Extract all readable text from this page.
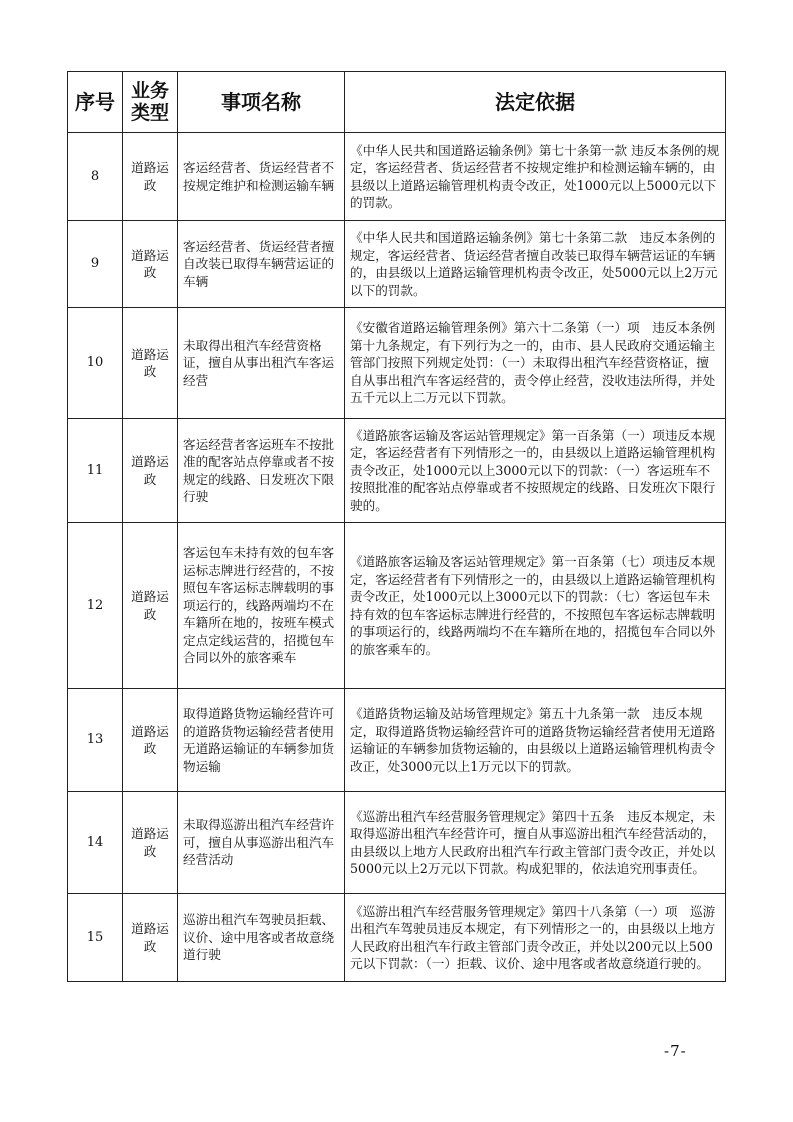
序号	业务类型	事项名称	法定依据
8	道路运政	客运经营者、货运经营者不按规定维护和检测运输车辆	《中华人民共和国道路运输条例》第七十条第一款 违反本条例的规定，客运经营者、货运经营者不按规定维护和检测运输车辆的，由县级以上道路运输管理机构责令改正，处1000元以上5000元以下的罚款。
9	道路运政	客运经营者、货运经营者擅自改装已取得车辆营运证的车辆	《中华人民共和国道路运输条例》第七十条第二款　违反本条例的规定，客运经营者、货运经营者擅自改装已取得车辆营运证的车辆的，由县级以上道路运输管理机构责令改正，处5000元以上2万元以下的罚款。
10	道路运政	未取得出租汽车经营资格证，擅自从事出租汽车客运经营	《安徽省道路运输管理条例》第六十二条第（一）项　违反本条例第十九条规定，有下列行为之一的，由市、县人民政府交通运输主管部门按照下列规定处罚：（一）未取得出租汽车经营资格证，擅自从事出租汽车客运经营的，责令停止经营，没收违法所得，并处五千元以上二万元以下罚款。
11	道路运政	客运经营者客运班车不按批准的配客站点停靠或者不按规定的线路、日发班次下限行驶	《道路旅客运输及客运站管理规定》第一百条第（一）项违反本规定，客运经营者有下列情形之一的，由县级以上道路运输管理机构责令改正，处1000元以上3000元以下的罚款：（一）客运班车不按照批准的配客站点停靠或者不按照规定的线路、日发班次下限行驶的。
12	道路运政	客运包车未持有效的包车客运标志牌进行经营的，不按照包车客运标志牌载明的事项运行的，线路两端均不在车籍所在地的，按班车模式定点定线运营的，招揽包车合同以外的旅客乘车	《道路旅客运输及客运站管理规定》第一百条第（七）项违反本规定，客运经营者有下列情形之一的，由县级以上道路运输管理机构责令改正，处1000元以上3000元以下的罚款：（七）客运包车未持有效的包车客运标志牌进行经营的，不按照包车客运标志牌载明的事项运行的，线路两端均不在车籍所在地的，招揽包车合同以外的旅客乘车的。
13	道路运政	取得道路货物运输经营许可的道路货物运输经营者使用无道路运输证的车辆参加货物运输	《道路货物运输及站场管理规定》第五十九条第一款　违反本规定，取得道路货物运输经营许可的道路货物运输经营者使用无道路运输证的车辆参加货物运输的，由县级以上道路运输管理机构责令改正，处3000元以上1万元以下的罚款。
14	道路运政	未取得巡游出租汽车经营许可，擅自从事巡游出租汽车经营活动	《巡游出租汽车经营服务管理规定》第四十五条　违反本规定，未取得巡游出租汽车经营许可，擅自从事巡游出租汽车经营活动的，由县级以上地方人民政府出租汽车行政主管部门责令改正，并处以5000元以上2万元以下罚款。构成犯罪的，依法追究刑事责任。
15	道路运政	巡游出租汽车驾驶员拒载、议价、途中甩客或者故意绕道行驶	《巡游出租汽车经营服务管理规定》第四十八条第（一）项　巡游出租汽车驾驶员违反本规定，有下列情形之一的，由县级以上地方人民政府出租汽车行政主管部门责令改正，并处以200元以上500元以下罚款：（一）拒载、议价、途中甩客或者故意绕道行驶的。
-7-
